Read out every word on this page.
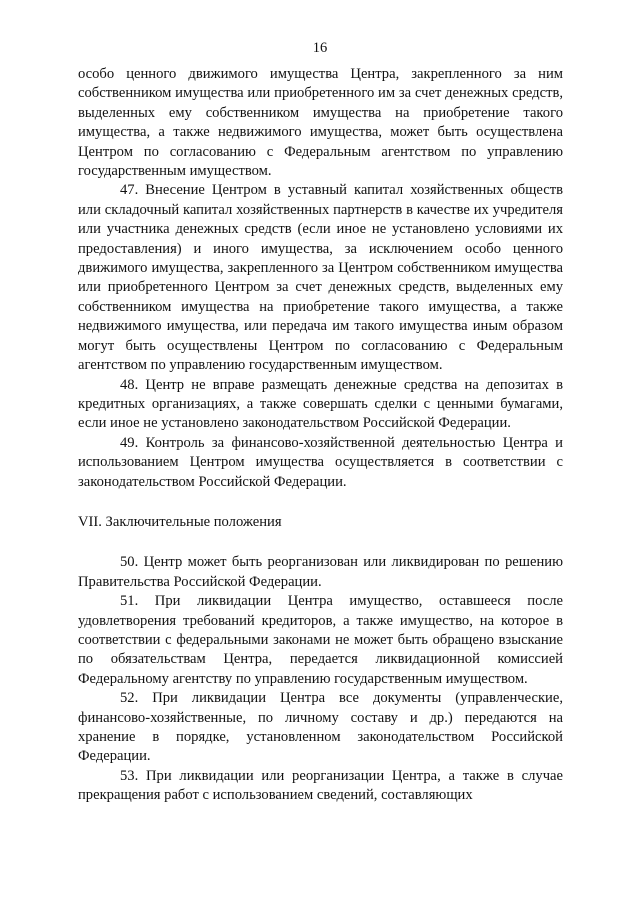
16

особо ценного движимого имущества Центра, закрепленного за ним собственником имущества или приобретенного им за счет денежных средств, выделенных ему собственником имущества на приобретение такого имущества, а также недвижимого имущества, может быть осуществлена Центром по согласованию с Федеральным агентством по управлению государственным имуществом.

47. Внесение Центром в уставный капитал хозяйственных обществ или складочный капитал хозяйственных партнерств в качестве их учредителя или участника денежных средств (если иное не установлено условиями их предоставления) и иного имущества, за исключением особо ценного движимого имущества, закрепленного за Центром собственником имущества или приобретенного Центром за счет денежных средств, выделенных ему собственником имущества на приобретение такого имущества, а также недвижимого имущества, или передача им такого имущества иным образом могут быть осуществлены Центром по согласованию с Федеральным агентством по управлению государственным имуществом.

48. Центр не вправе размещать денежные средства на депозитах в кредитных организациях, а также совершать сделки с ценными бумагами, если иное не установлено законодательством Российской Федерации.

49. Контроль за финансово-хозяйственной деятельностью Центра и использованием Центром имущества осуществляется в соответствии с законодательством Российской Федерации.

VII. Заключительные положения

50. Центр может быть реорганизован или ликвидирован по решению Правительства Российской Федерации.

51. При ликвидации Центра имущество, оставшееся после удовлетворения требований кредиторов, а также имущество, на которое в соответствии с федеральными законами не может быть обращено взыскание по обязательствам Центра, передается ликвидационной комиссией Федеральному агентству по управлению государственным имуществом.

52. При ликвидации Центра все документы (управленческие, финансово-хозяйственные, по личному составу и др.) передаются на хранение в порядке, установленном законодательством Российской Федерации.

53. При ликвидации или реорганизации Центра, а также в случае прекращения работ с использованием сведений, составляющих
